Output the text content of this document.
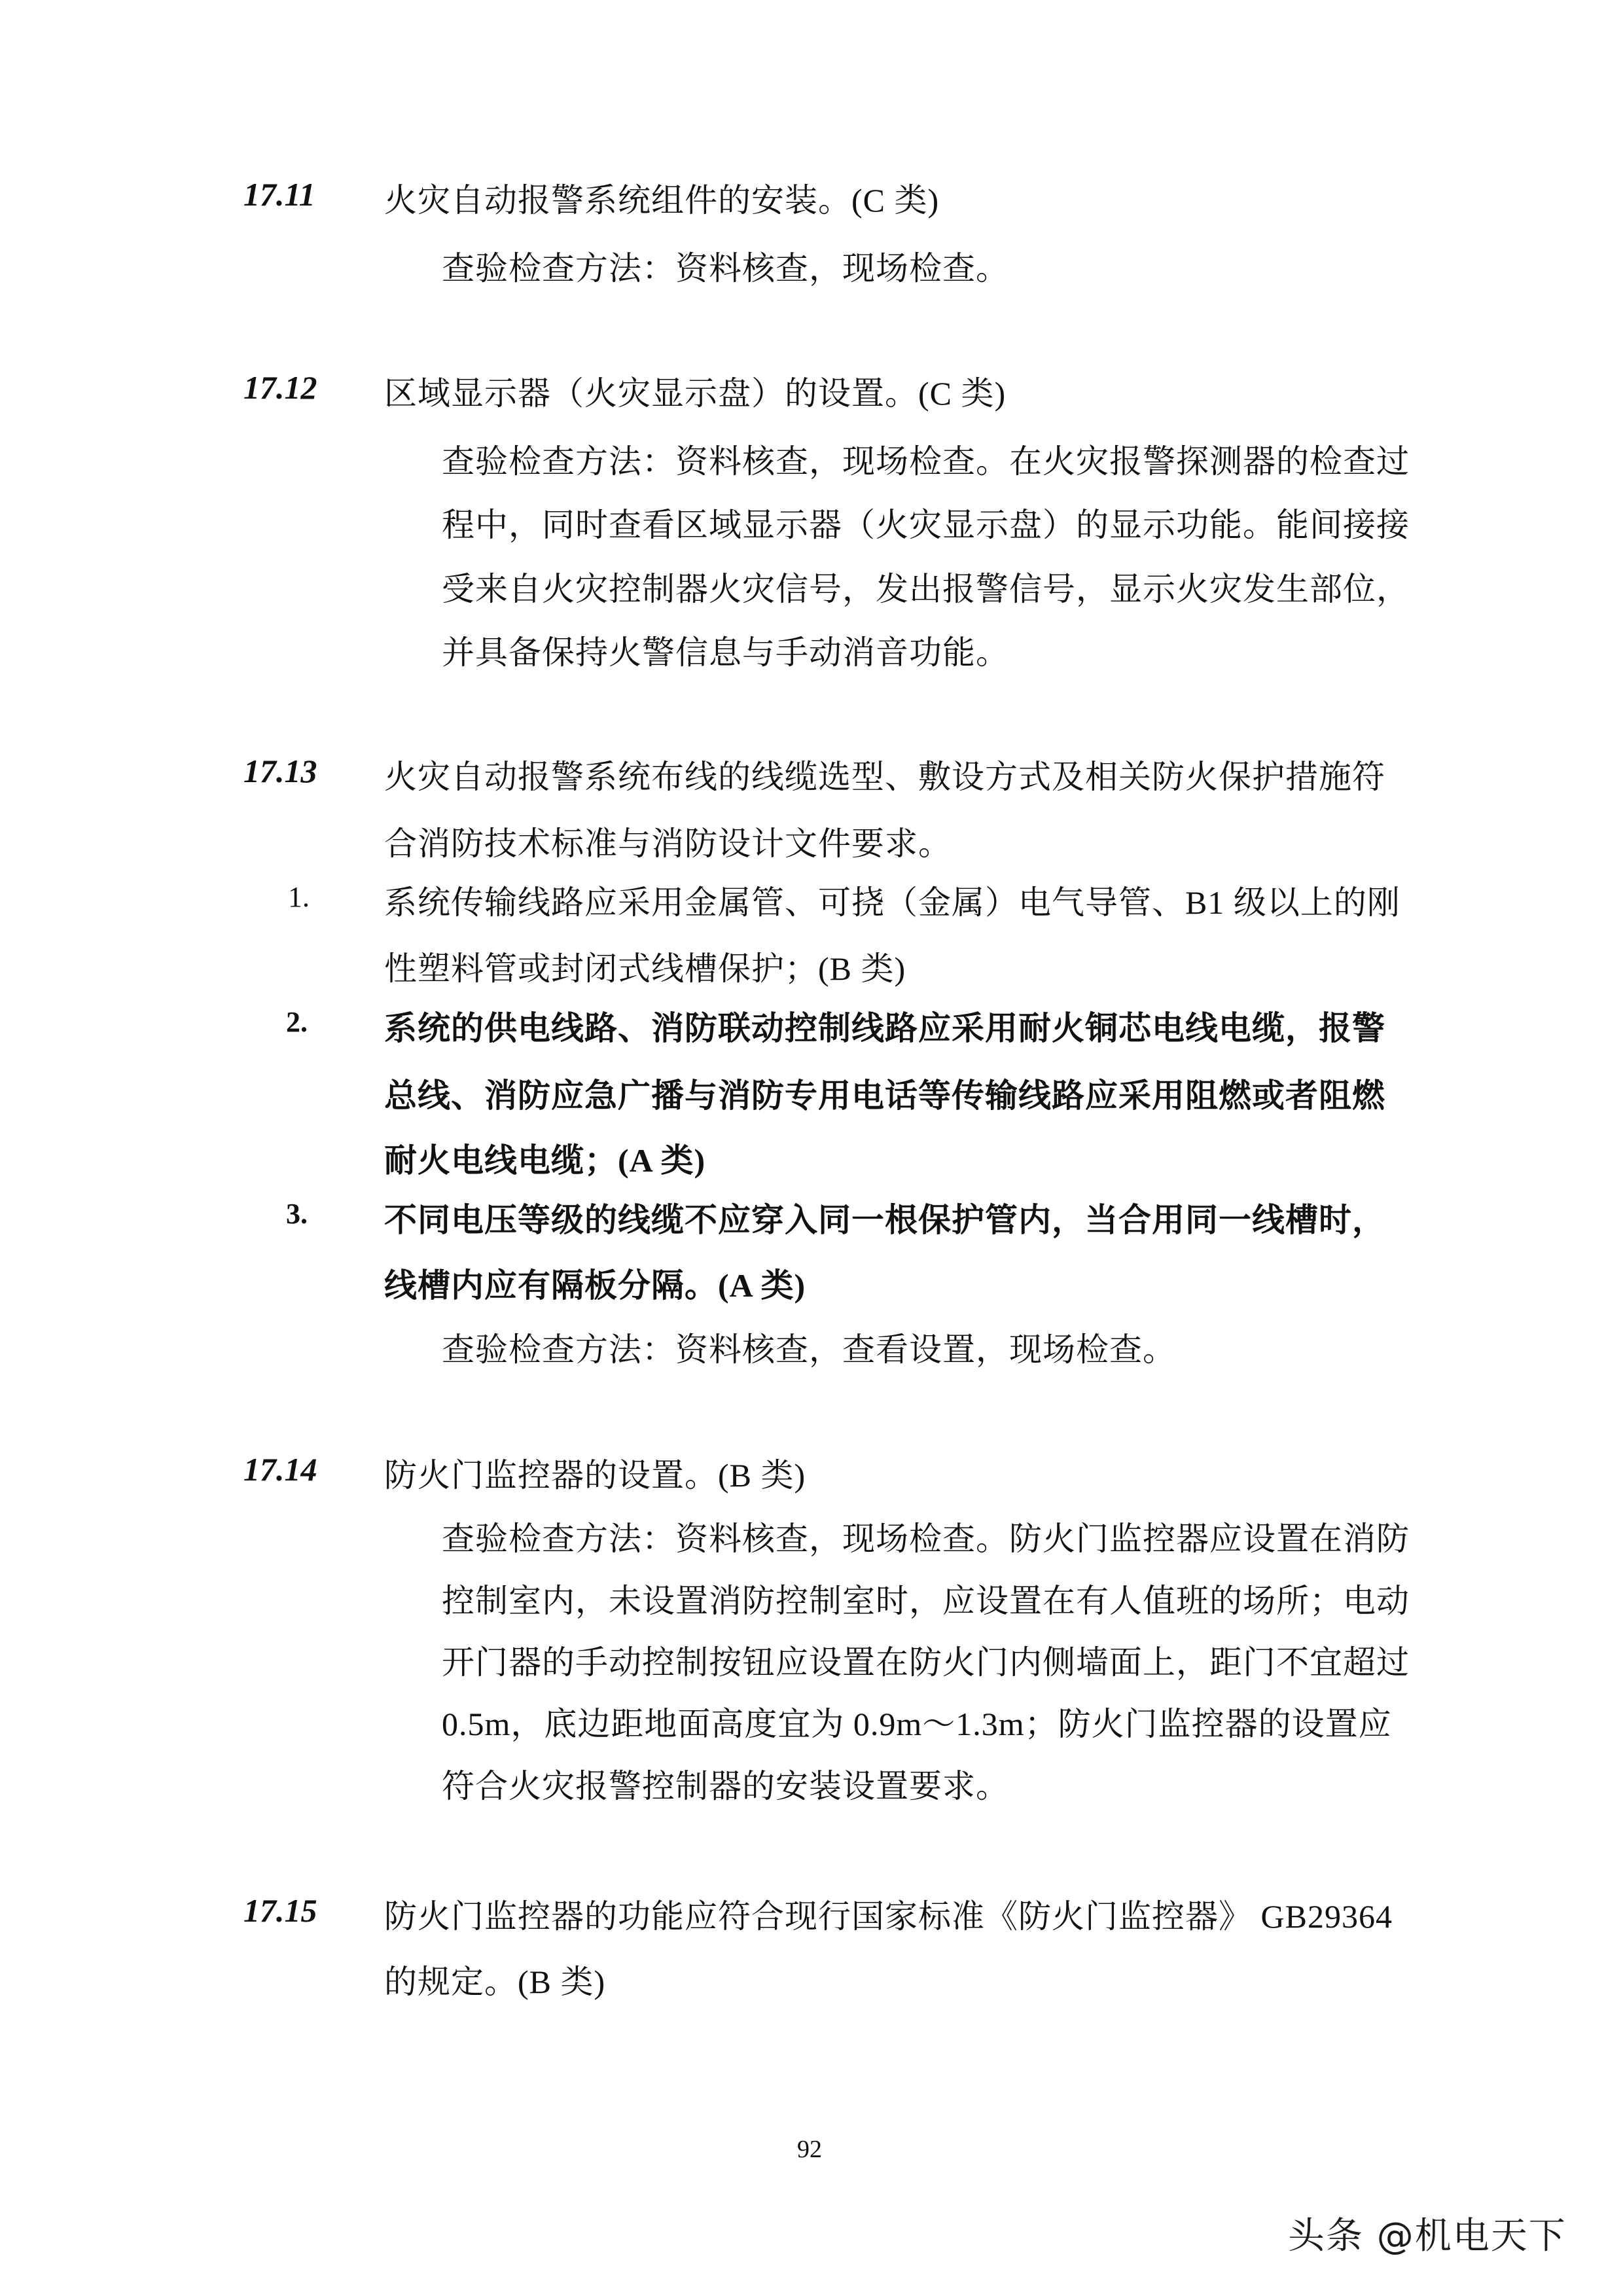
17.11 火灾自动报警系统组件的安装。(C 类)
查验检查方法：资料核查，现场检查。
17.12 区域显示器（火灾显示盘）的设置。(C 类)
查验检查方法：资料核查，现场检查。在火灾报警探测器的检查过
程中，同时查看区域显示器（火灾显示盘）的显示功能。能间接接
受来自火灾控制器火灾信号，发出报警信号，显示火灾发生部位，
并具备保持火警信息与手动消音功能。
17.13 火灾自动报警系统布线的线缆选型、敷设方式及相关防火保护措施符
合消防技术标准与消防设计文件要求。
1. 系统传输线路应采用金属管、可挠（金属）电气导管、B1 级以上的刚
性塑料管或封闭式线槽保护；(B 类)
2. 系统的供电线路、消防联动控制线路应采用耐火铜芯电线电缆，报警
总线、消防应急广播与消防专用电话等传输线路应采用阻燃或者阻燃
耐火电线电缆；(A 类)
3. 不同电压等级的线缆不应穿入同一根保护管内，当合用同一线槽时，
线槽内应有隔板分隔。(A 类)
查验检查方法：资料核查，查看设置，现场检查。
17.14 防火门监控器的设置。(B 类)
查验检查方法：资料核查，现场检查。防火门监控器应设置在消防
控制室内，未设置消防控制室时，应设置在有人值班的场所；电动
开门器的手动控制按钮应设置在防火门内侧墙面上，距门不宜超过
0.5m，底边距地面高度宜为 0.9m～1.3m；防火门监控器的设置应
符合火灾报警控制器的安装设置要求。
17.15 防火门监控器的功能应符合现行国家标准《防火门监控器》 GB29364
的规定。(B 类)
92
头条 @机电天下
